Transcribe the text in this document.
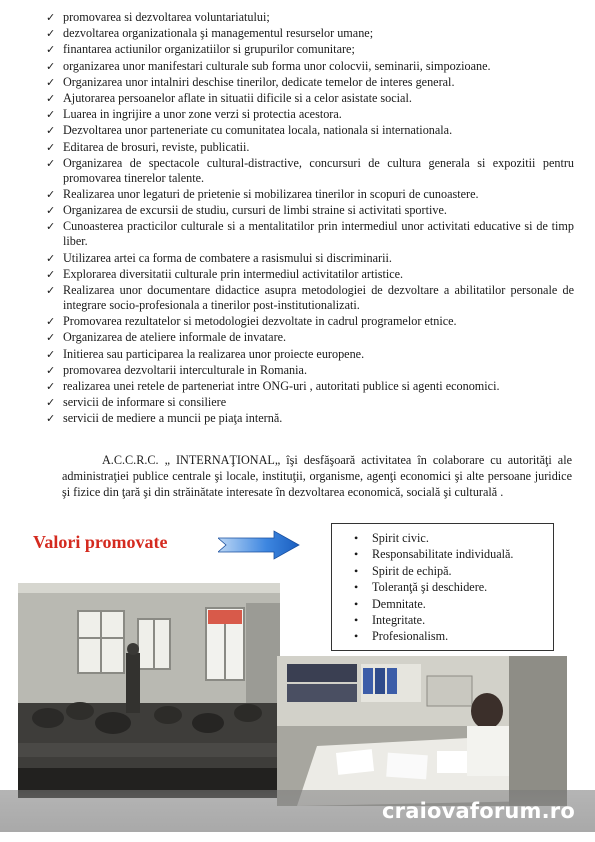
✓ promovarea si dezvoltarea voluntariatului;
✓ dezvoltarea organizationala şi managementul resurselor umane;
✓ finantarea actiunilor organizatiilor si grupurilor comunitare;
✓ organizarea unor manifestari culturale sub forma unor colocvii, seminarii, simpozioane.
✓ Organizarea unor intalniri deschise tinerilor, dedicate temelor de interes general.
✓ Ajutorarea persoanelor aflate in situatii dificile si a celor asistate social.
✓ Luarea in ingrijire a unor zone verzi si protectia acestora.
✓ Dezvoltarea unor parteneriate cu comunitatea locala, nationala si internationala.
✓ Editarea de brosuri, reviste, publicatii.
✓ Organizarea de spectacole cultural-distractive, concursuri de cultura generala si expozitii pentru promovarea tinerelor talente.
✓ Realizarea unor legaturi de prietenie si mobilizarea tinerilor in scopuri de cunoastere.
✓ Organizarea de excursii de studiu, cursuri de limbi straine si activitati sportive.
✓ Cunoasterea practicilor culturale si a mentalitatilor prin intermediul unor activitati educative si de timp liber.
✓ Utilizarea artei ca forma de combatere a rasismului si discriminarii.
✓ Explorarea diversitatii culturale prin intermediul activitatilor artistice.
✓ Realizarea unor documentare didactice asupra metodologiei de dezvoltare a abilitatilor personale de integrare socio-profesionala a tinerilor post-institutionalizati.
✓ Promovarea rezultatelor si metodologiei dezvoltate in cadrul programelor etnice.
✓ Organizarea de ateliere informale de invatare.
✓ Initierea sau participarea la realizarea unor proiecte europene.
✓ promovarea dezvoltarii interculturale in Romania.
✓ realizarea unei retele de parteneriat intre ONG-uri , autoritati publice si agenti economici.
✓ servicii de informare si consiliere
✓ servicii de mediere a muncii pe piaţa internă.

A.C.C.R.C. „ INTERNAŢIONAL„ îşi desfăşoară activitatea în colaborare cu autorităţi ale administraţiei publice centrale şi locale, instituţii, organisme, agenţi economici şi alte persoane juridice şi fizice din ţară şi din străinătate interesate în dezvoltarea economică, socială şi culturală .

Valori promovate	• Spirit civic.
• Responsabilitate individuală.
• Spirit de echipă.
• Toleranţă şi deschidere.
• Demnitate.
• Integritate.
• Profesionalism.
craiovaforum.ro
